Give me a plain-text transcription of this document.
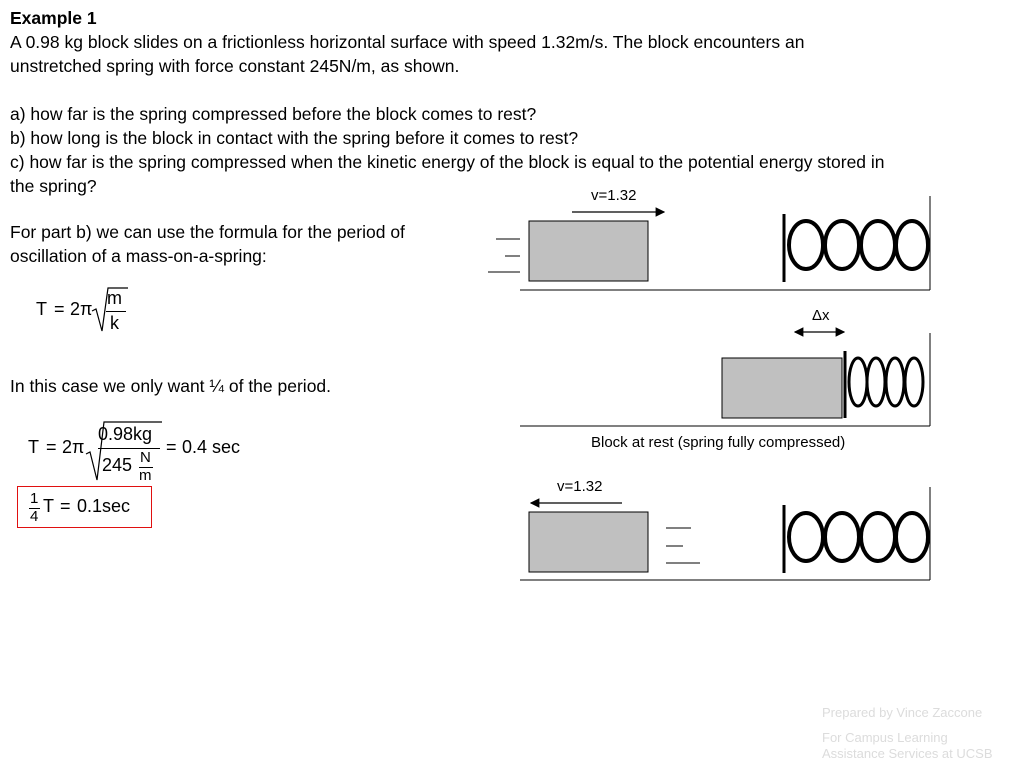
Example 1
A 0.98 kg block slides on a frictionless horizontal surface with speed 1.32m/s. The block encounters an
unstretched spring with force constant 245N/m, as shown.
a) how far is the spring compressed before the block comes to rest?
b) how long is the block in contact with the spring before it comes to rest?
c) how far is the spring compressed when the kinetic energy of the block is equal to the potential energy stored in
the spring?
For part b) we can use the formula for the period of
oscillation of a mass-on-a-spring:
T = 2π
m
k
In this case we only want ¼ of the period.
T = 2π
0.98kg
245 N
m
= 0.4 sec
1
4
T = 0.1sec
v=1.32
Δx
Block at rest (spring fully compressed)
v=1.32
Prepared by Vince Zaccone
For Campus Learning
Assistance Services at UCSB
